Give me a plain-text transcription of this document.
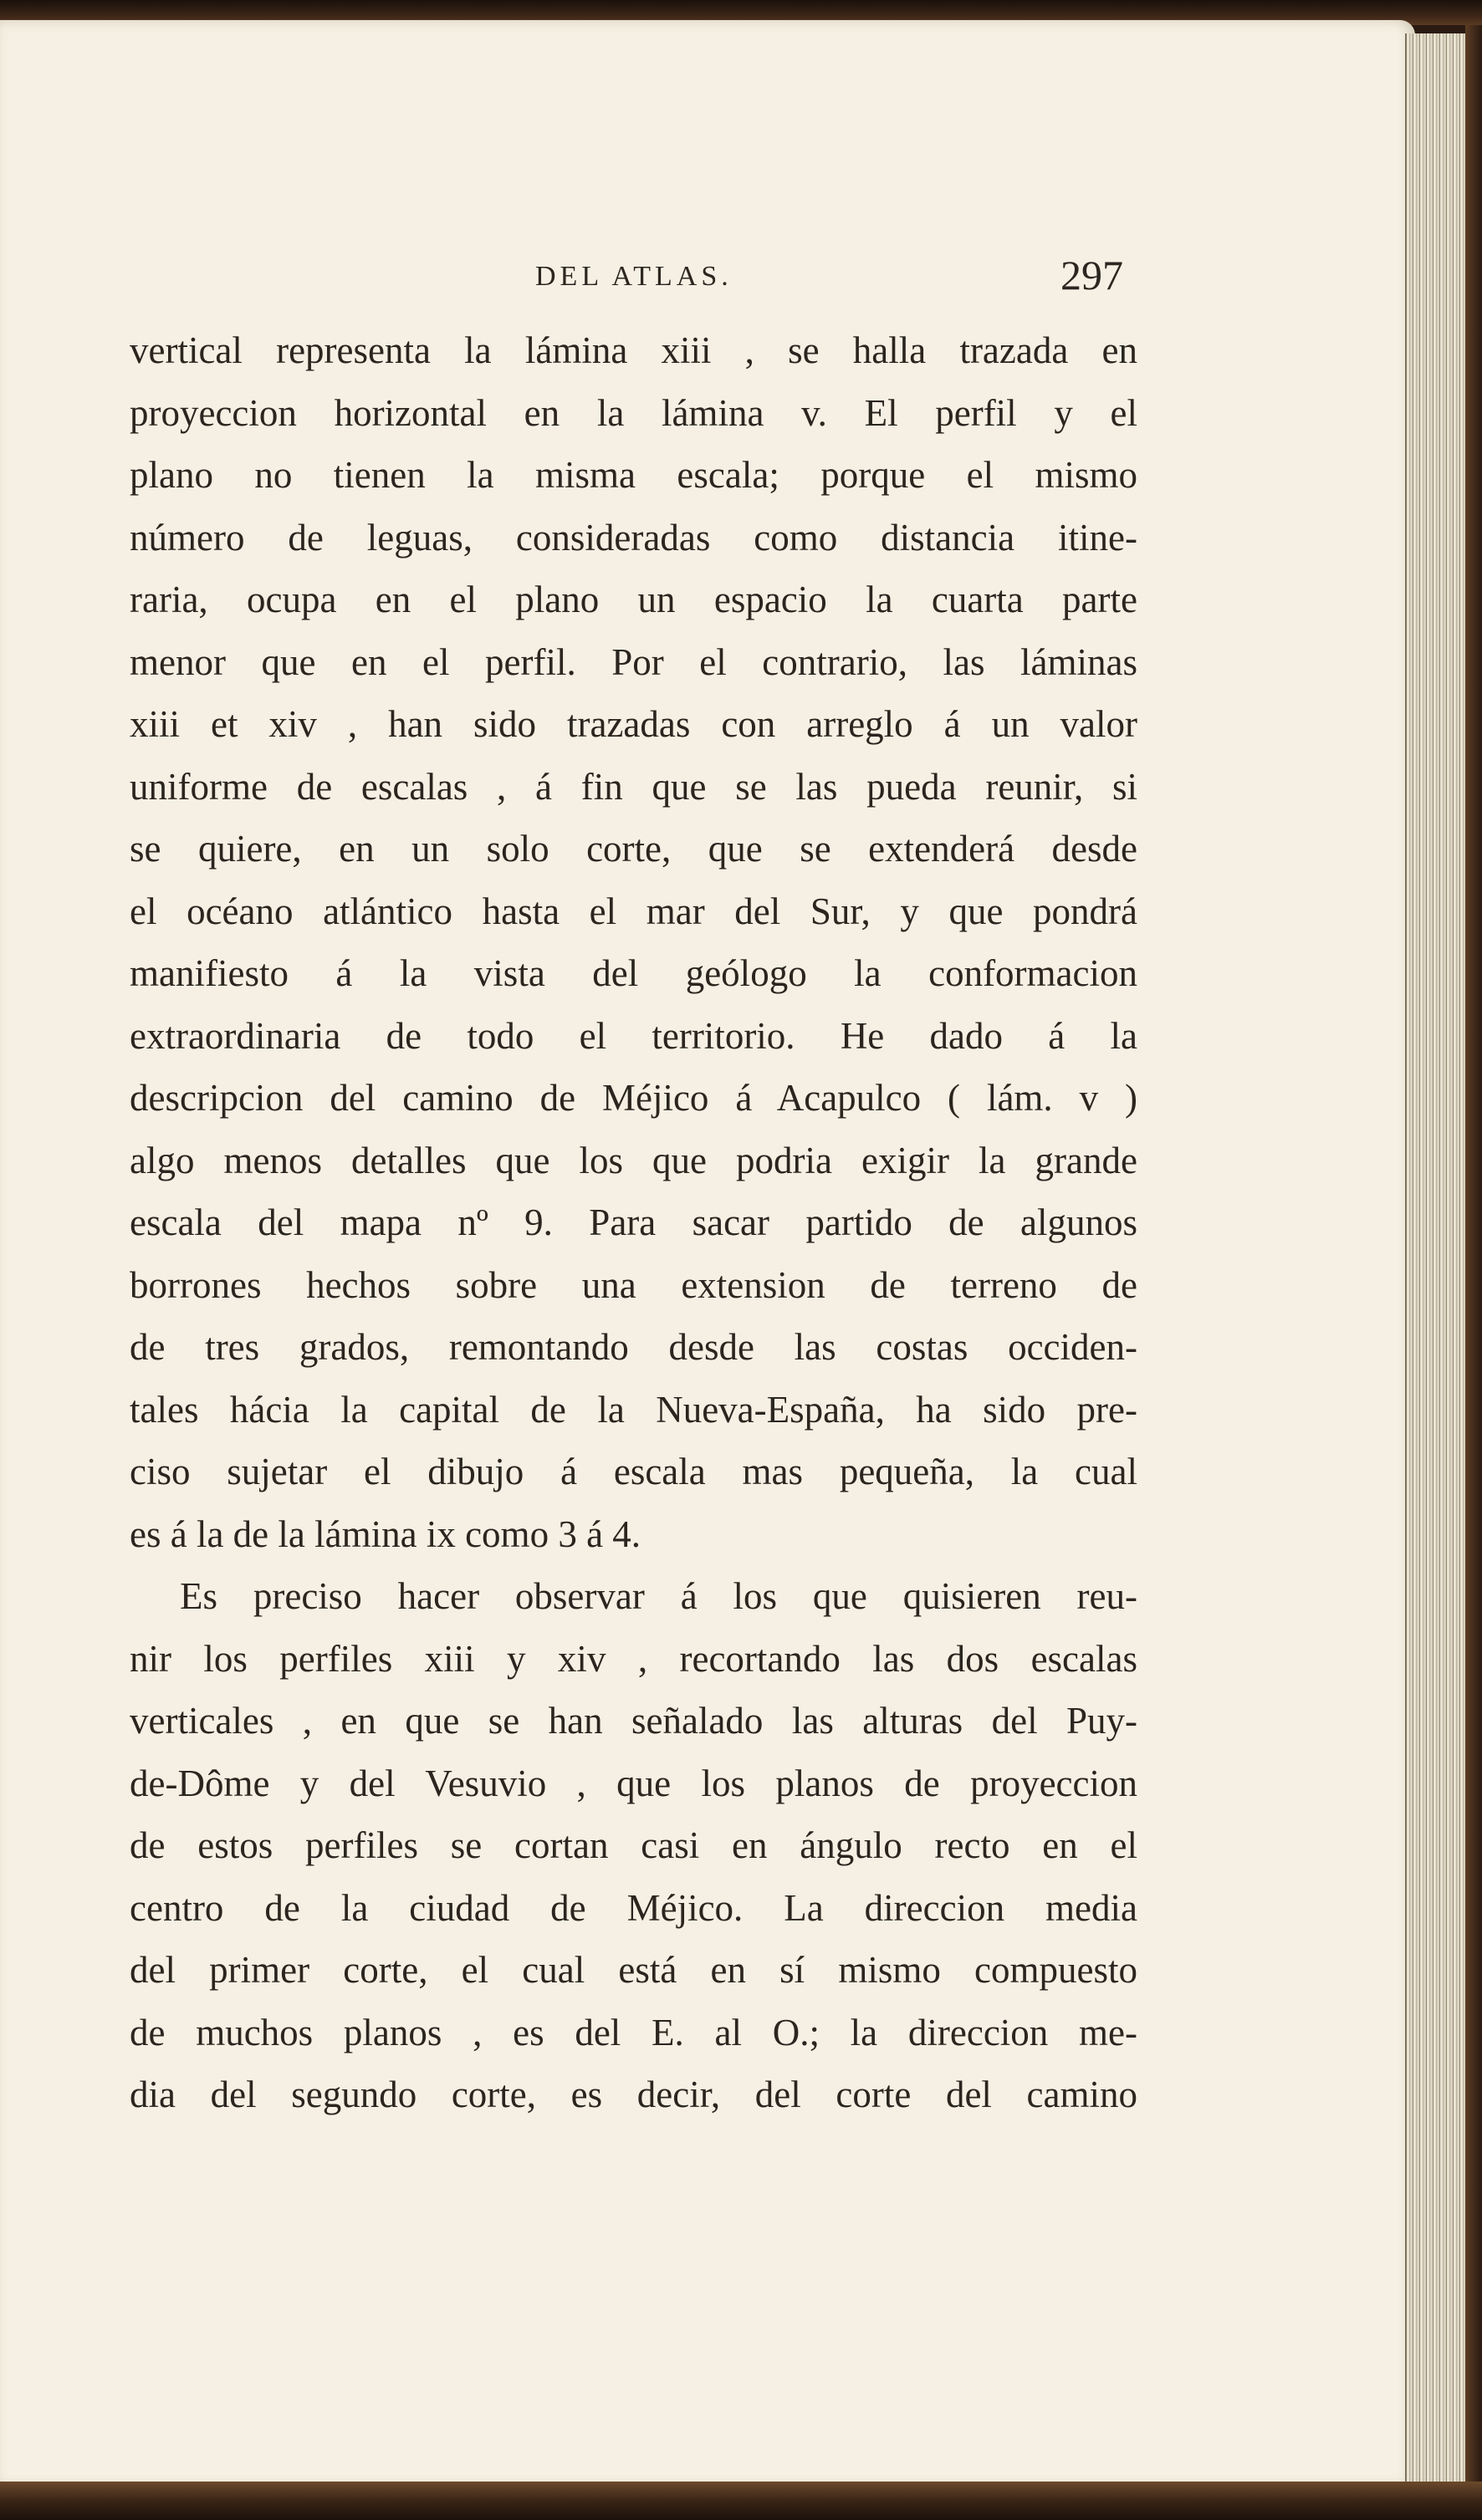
DEL ATLAS.	297
vertical representa la lámina xiii , se halla trazada en
proyeccion horizontal en la lámina v. El perfil y el
plano no tienen la misma escala; porque el mismo
número de leguas, consideradas como distancia itine-
raria, ocupa en el plano un espacio la cuarta parte
menor que en el perfil. Por el contrario, las láminas
xiii et xiv , han sido trazadas con arreglo á un valor
uniforme de escalas , á fin que se las pueda reunir, si
se quiere, en un solo corte, que se extenderá desde
el océano atlántico hasta el mar del Sur, y que pondrá
manifiesto á la vista del geólogo la conformacion
extraordinaria de todo el territorio. He dado á la
descripcion del camino de Méjico á Acapulco ( lám. v )
algo menos detalles que los que podria exigir la grande
escala del mapa nº 9. Para sacar partido de algunos
borrones hechos sobre una extension de terreno de
de tres grados, remontando desde las costas occiden-
tales hácia la capital de la Nueva-España, ha sido pre-
ciso sujetar el dibujo á escala mas pequeña, la cual
es á la de la lámina ix como 3 á 4.
Es preciso hacer observar á los que quisieren reu-
nir los perfiles xiii y xiv , recortando las dos escalas
verticales , en que se han señalado las alturas del Puy-
de-Dôme y del Vesuvio , que los planos de proyeccion
de estos perfiles se cortan casi en ángulo recto en el
centro de la ciudad de Méjico. La direccion media
del primer corte, el cual está en sí mismo compuesto
de muchos planos , es del E. al O.; la direccion me-
dia del segundo corte, es decir, del corte del camino
